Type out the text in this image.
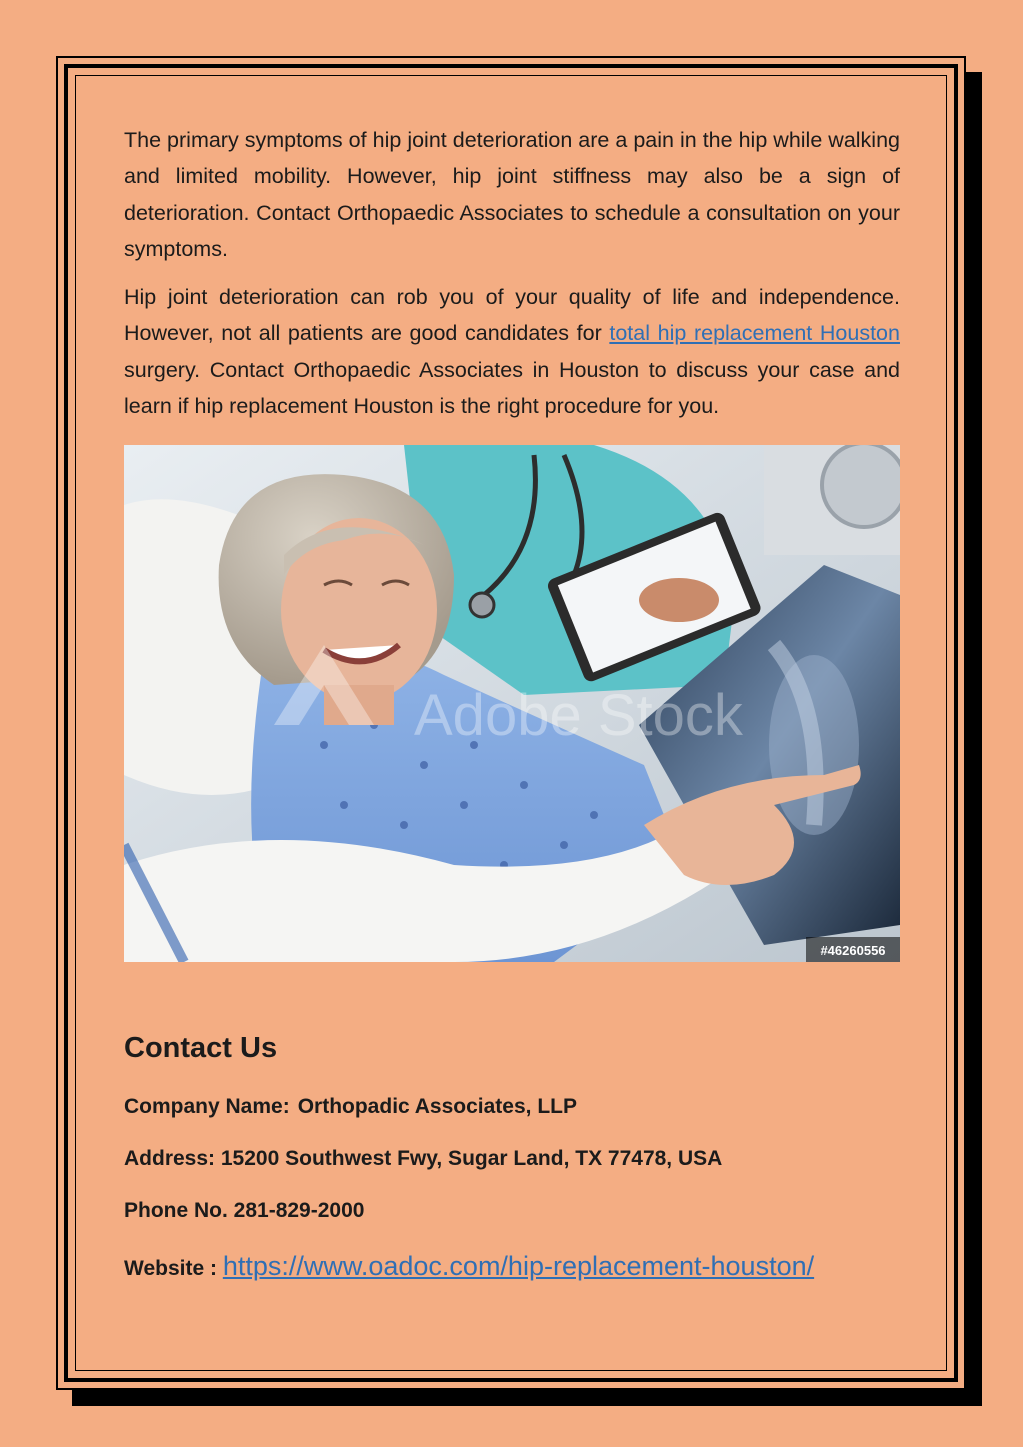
The primary symptoms of hip joint deterioration are a pain in the hip while walking and limited mobility. However, hip joint stiffness may also be a sign of deterioration. Contact Orthopaedic Associates to schedule a consultation on your symptoms.

Hip joint deterioration can rob you of your quality of life and independence. However, not all patients are good candidates for total hip replacement Houston surgery. Contact Orthopaedic Associates in Houston to discuss your case and learn if hip replacement Houston is the right procedure for you.

Adobe Stock
#46260556
Contact Us
Company Name: Orthopadic Associates, LLP
Address: 15200 Southwest Fwy, Sugar Land, TX 77478, USA
Phone No. 281-829-2000
Website : https://www.oadoc.com/hip-replacement-houston/
